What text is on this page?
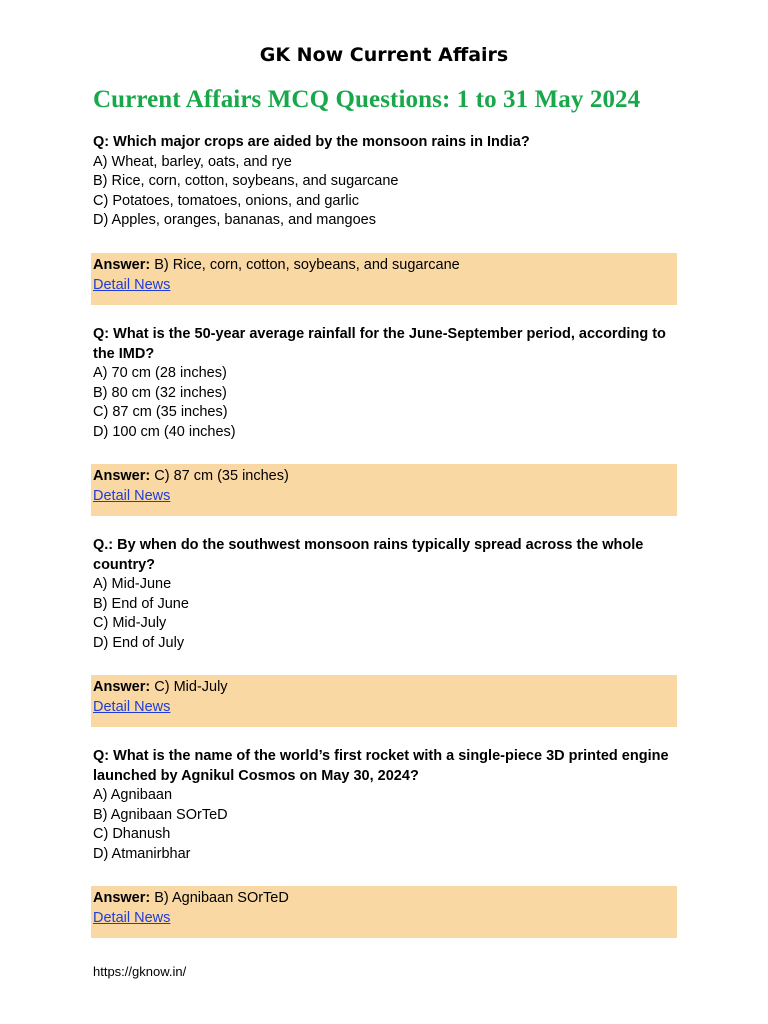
GK Now Current Affairs
Current Affairs MCQ Questions: 1 to 31 May 2024
Q: Which major crops are aided by the monsoon rains in India?
A) Wheat, barley, oats, and rye
B) Rice, corn, cotton, soybeans, and sugarcane
C) Potatoes, tomatoes, onions, and garlic
D) Apples, oranges, bananas, and mangoes
Answer: B) Rice, corn, cotton, soybeans, and sugarcane
Detail News
Q: What is the 50-year average rainfall for the June-September period, according to the IMD?
A) 70 cm (28 inches)
B) 80 cm (32 inches)
C) 87 cm (35 inches)
D) 100 cm (40 inches)
Answer: C) 87 cm (35 inches)
Detail News
Q.: By when do the southwest monsoon rains typically spread across the whole country?
A) Mid-June
B) End of June
C) Mid-July
D) End of July
Answer: C) Mid-July
Detail News
Q: What is the name of the world’s first rocket with a single-piece 3D printed engine launched by Agnikul Cosmos on May 30, 2024?
A) Agnibaan
B) Agnibaan SOrTeD
C) Dhanush
D) Atmanirbhar
Answer: B) Agnibaan SOrTeD
Detail News
https://gknow.in/
